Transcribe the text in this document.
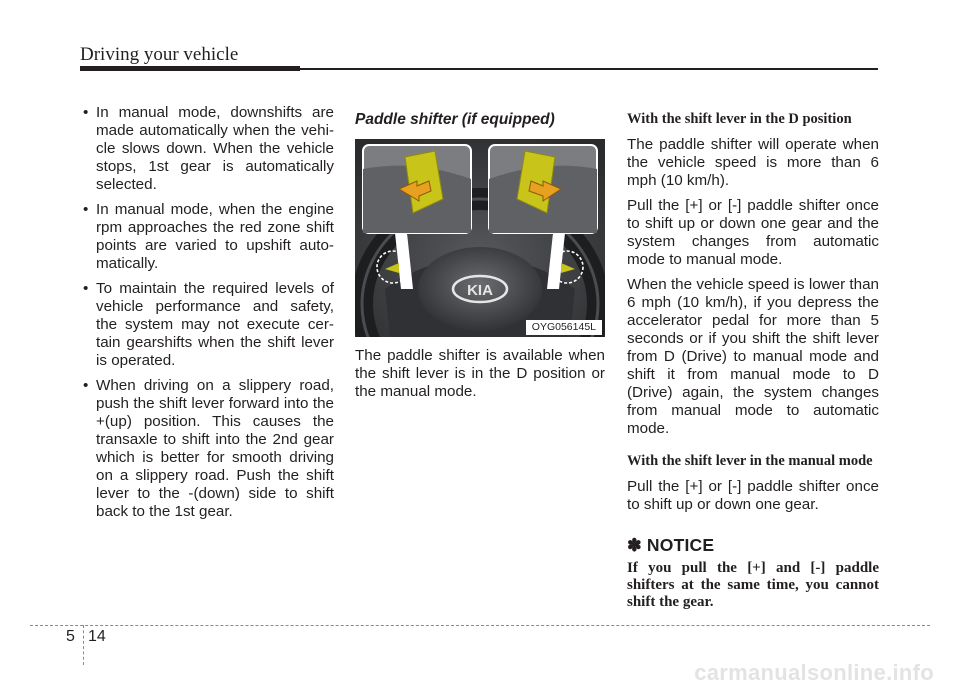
Driving your vehicle
• In manual mode, downshifts are made automatically when the vehi-cle slows down. When the vehicle stops, 1st gear is automatically selected.
• In manual mode, when the engine rpm approaches the red zone shift points are varied to upshift auto-matically.
• To maintain the required levels of vehicle performance and safety, the system may not execute cer-tain gearshifts when the shift lever is operated.
• When driving on a slippery road, push the shift lever forward into the +(up) position. This causes the transaxle to shift into the 2nd gear which is better for smooth driving on a slippery road. Push the shift lever to the -(down) side to shift back to the 1st gear.
Paddle shifter (if equipped)
KIA
OYG056145L

The paddle shifter is available when the shift lever is in the D position or the manual mode.

With the shift lever in the D position

The paddle shifter will operate when the vehicle speed is more than 6 mph (10 km/h).

Pull the [+] or [-] paddle shifter once to shift up or down one gear and the system changes from automatic mode to manual mode.

When the vehicle speed is lower than 6 mph (10 km/h), if you depress the accelerator pedal for more than 5 seconds or if you shift the shift lever from D (Drive) to manual mode and shift it from manual mode to D (Drive) again, the system changes from manual mode to automatic mode.

With the shift lever in the manual mode

Pull the [+] or [-] paddle shifter once to shift up or down one gear.

✽ NOTICE
If you pull the [+] and [-] paddle shifters at the same time, you cannot shift the gear.
5 14
carmanualsonline.info
